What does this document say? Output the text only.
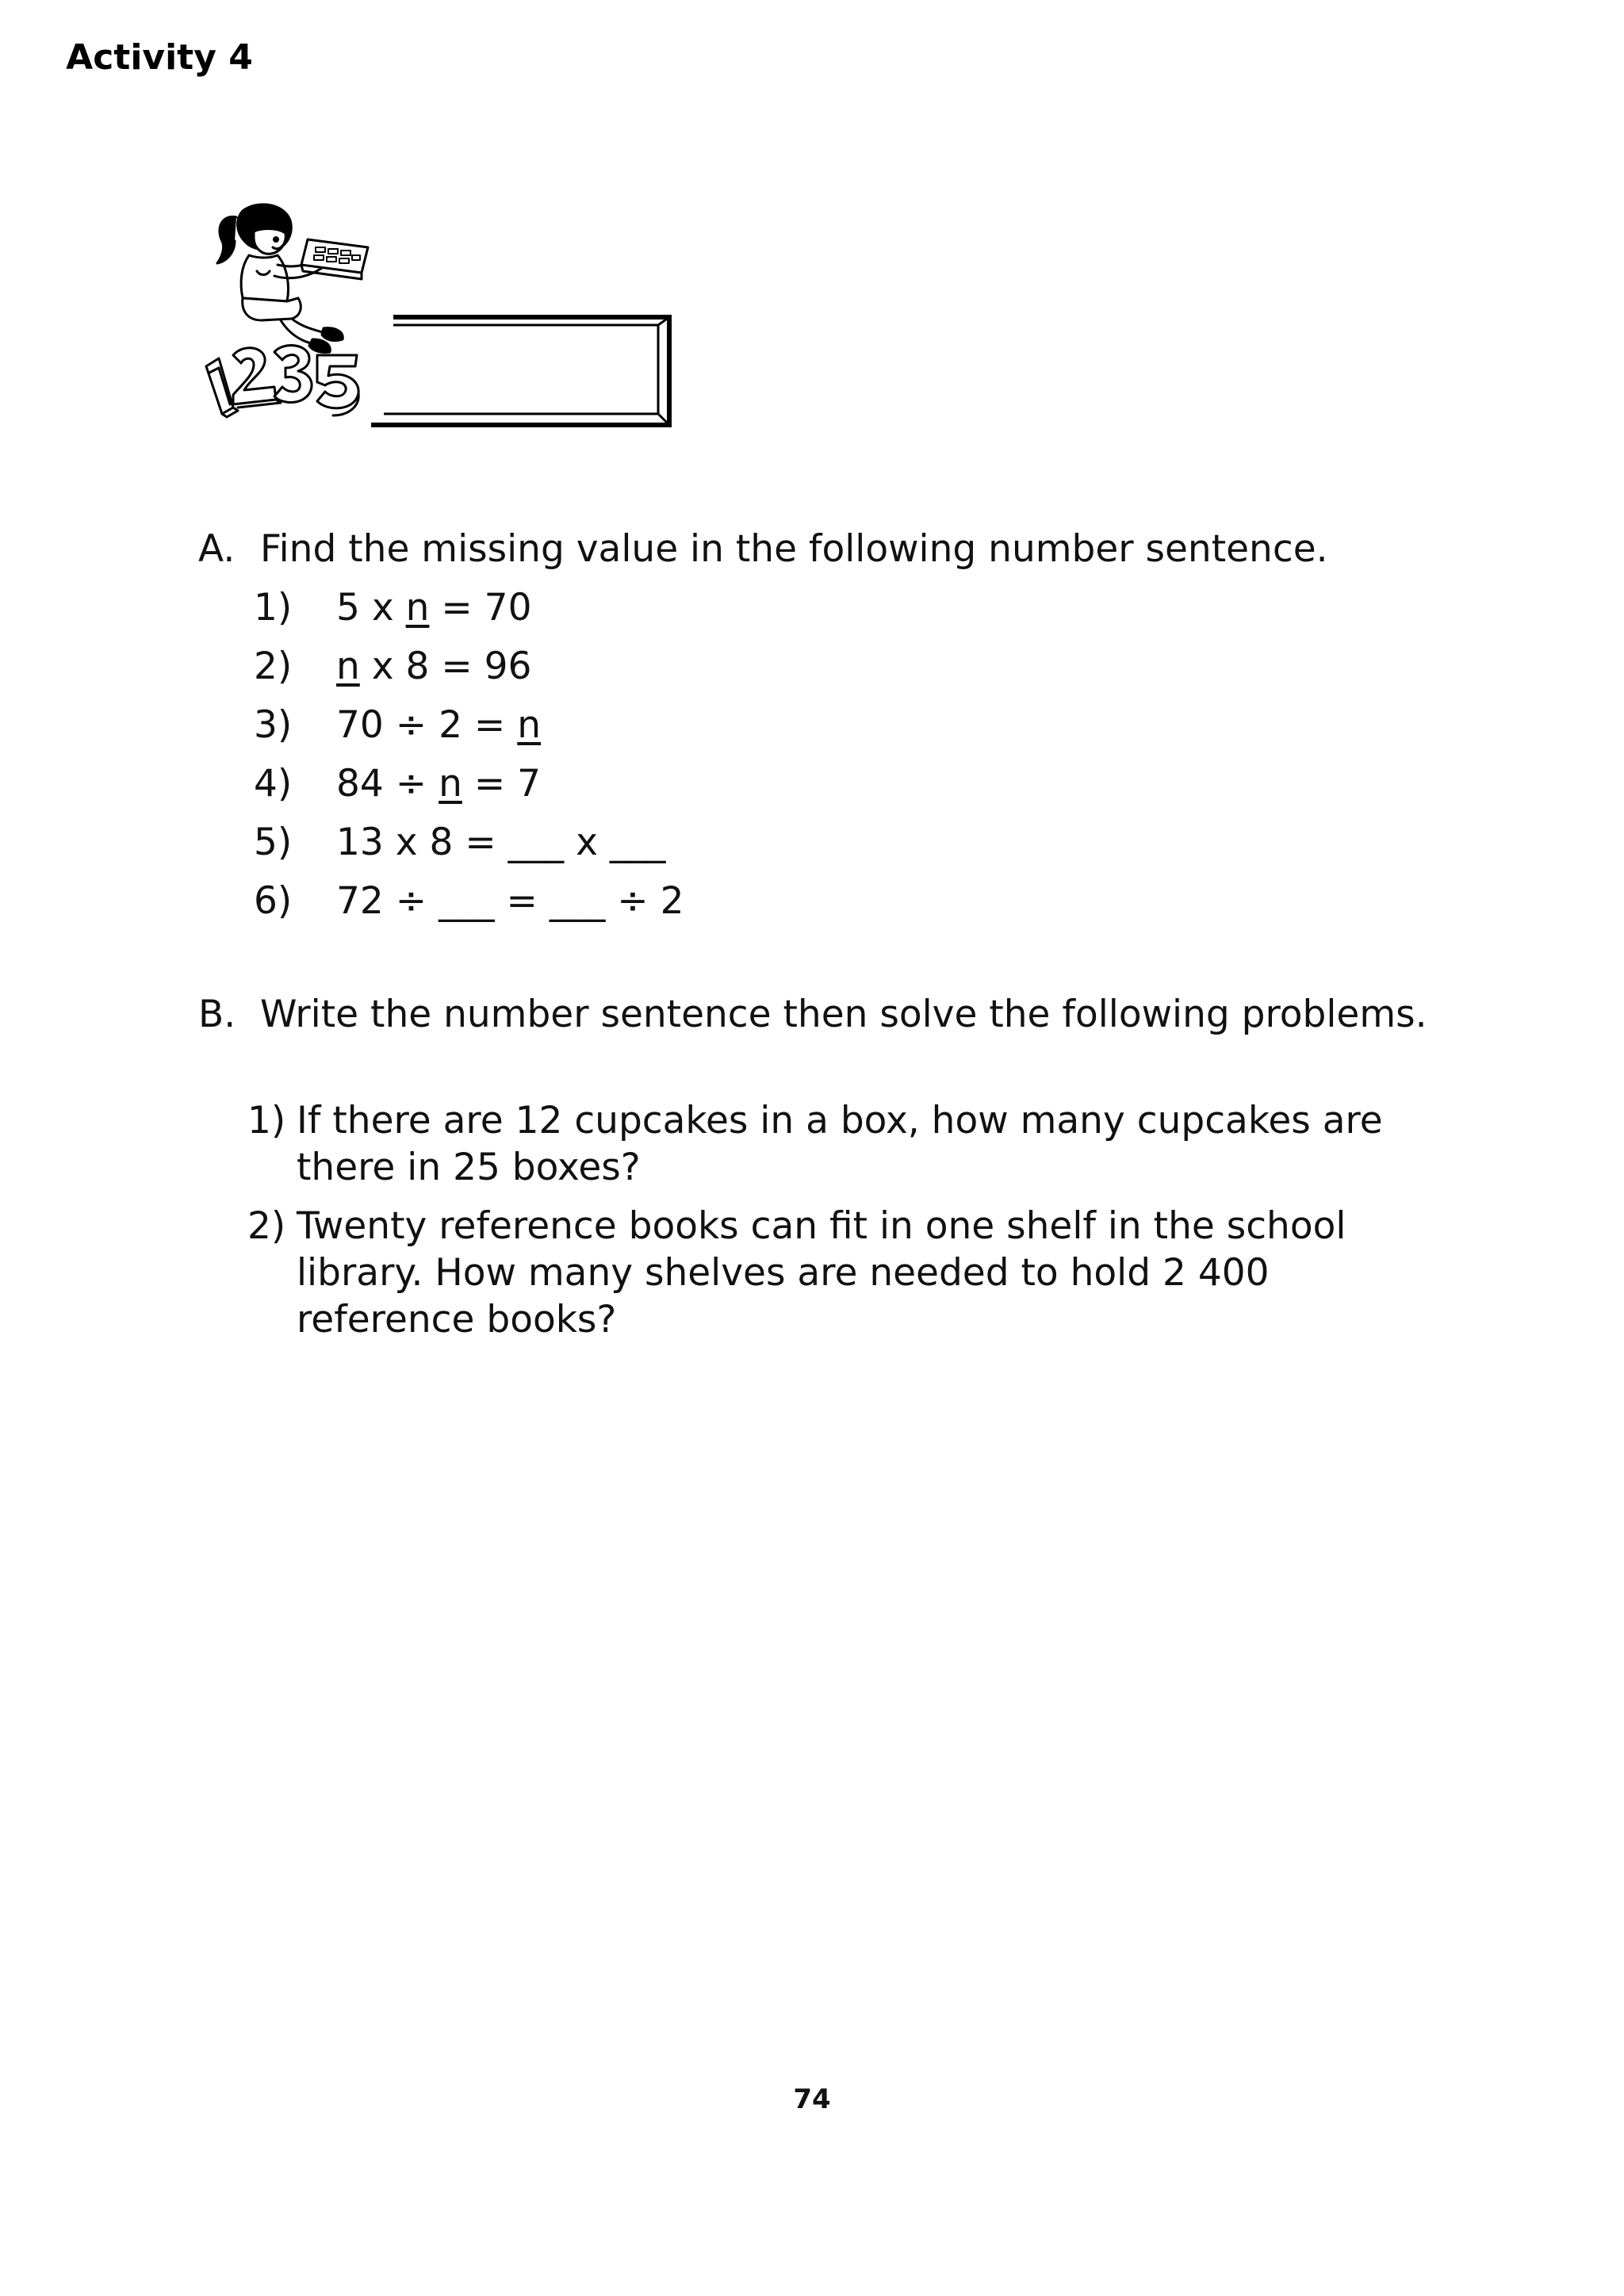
Activity 4
A. Find the missing value in the following number sentence.
1) 5 x n = 70
2) n x 8 = 96
3) 70 ÷ 2 = n
4) 84 ÷ n = 7
5) 13 x 8 = ___ x ___
6) 72 ÷ ___ = ___ ÷ 2
B. Write the number sentence then solve the following problems.
1) If there are 12 cupcakes in a box, how many cupcakes are there in 25 boxes?
2) Twenty reference books can fit in one shelf in the school library. How many shelves are needed to hold 2 400 reference books?
74
